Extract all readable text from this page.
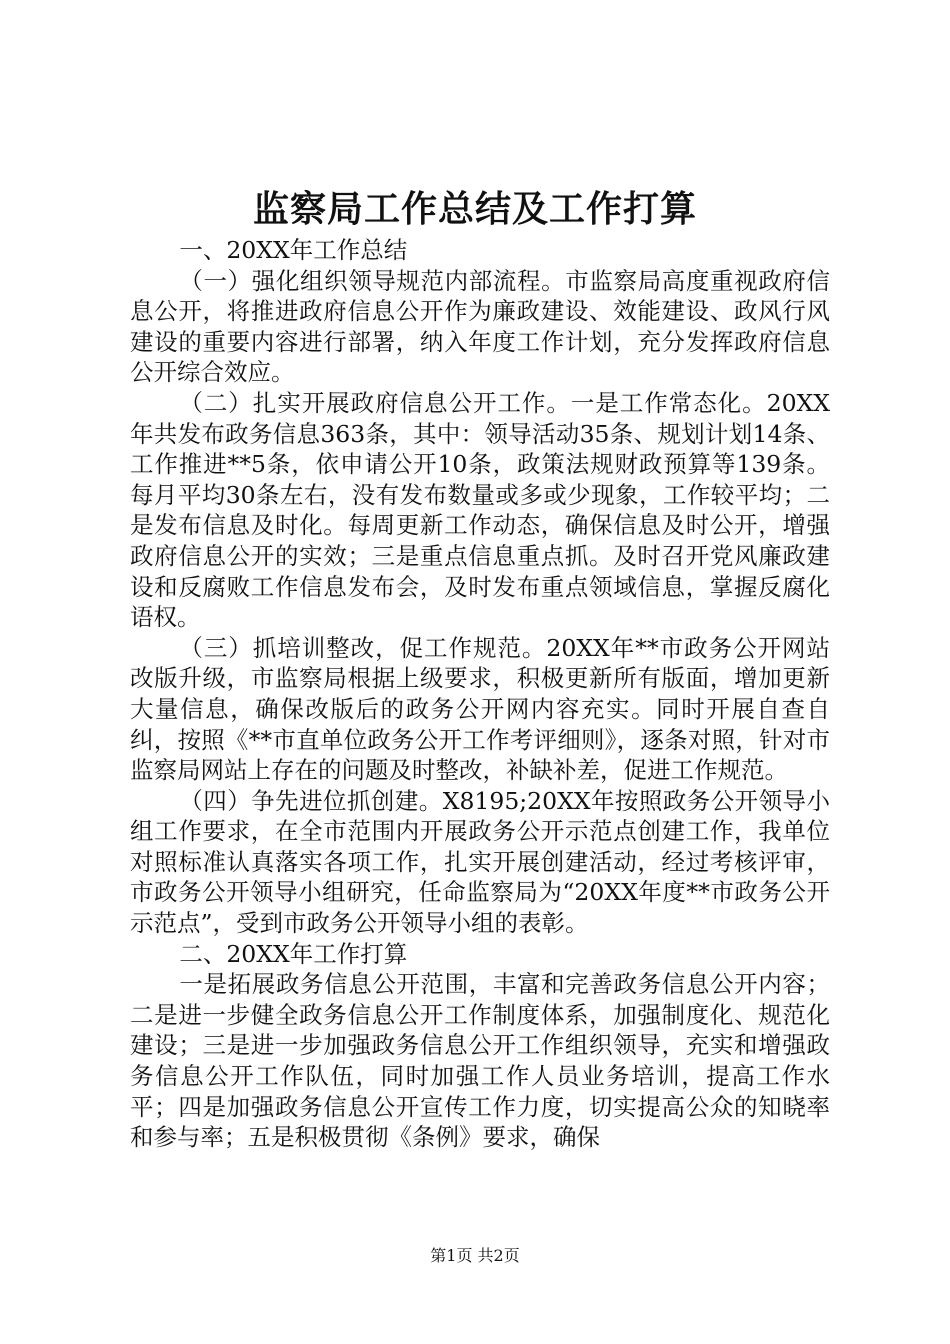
监察局工作总结及工作打算

一、20XX年工作总结

（一）强化组织领导规范内部流程。市监察局高度重视政府信息公开，将推进政府信息公开作为廉政建设、效能建设、政风行风建设的重要内容进行部署，纳入年度工作计划，充分发挥政府信息公开综合效应。

（二）扎实开展政府信息公开工作。一是工作常态化。20XX年共发布政务信息363条，其中：领导活动35条、规划计划14条、工作推进**5条，依申请公开10条，政策法规财政预算等139条。每月平均30条左右，没有发布数量或多或少现象，工作较平均；二是发布信息及时化。每周更新工作动态，确保信息及时公开，增强政府信息公开的实效；三是重点信息重点抓。及时召开党风廉政建设和反腐败工作信息发布会，及时发布重点领域信息，掌握反腐化语权。

（三）抓培训整改，促工作规范。20XX年**市政务公开网站改版升级，市监察局根据上级要求，积极更新所有版面，增加更新大量信息，确保改版后的政务公开网内容充实。同时开展自查自纠，按照《**市直单位政务公开工作考评细则》，逐条对照，针对市监察局网站上存在的问题及时整改，补缺补差，促进工作规范。

（四）争先进位抓创建。X8195;20XX年按照政务公开领导小组工作要求，在全市范围内开展政务公开示范点创建工作，我单位对照标准认真落实各项工作，扎实开展创建活动，经过考核评审，市政务公开领导小组研究，任命监察局为“20XX年度**市政务公开示范点”，受到市政务公开领导小组的表彰。

二、20XX年工作打算

一是拓展政务信息公开范围，丰富和完善政务信息公开内容；二是进一步健全政务信息公开工作制度体系，加强制度化、规范化建设；三是进一步加强政务信息公开工作组织领导，充实和增强政务信息公开工作队伍，同时加强工作人员业务培训，提高工作水平；四是加强政务信息公开宣传工作力度，切实提高公众的知晓率和参与率；五是积极贯彻《条例》要求，确保

第1页 共2页
